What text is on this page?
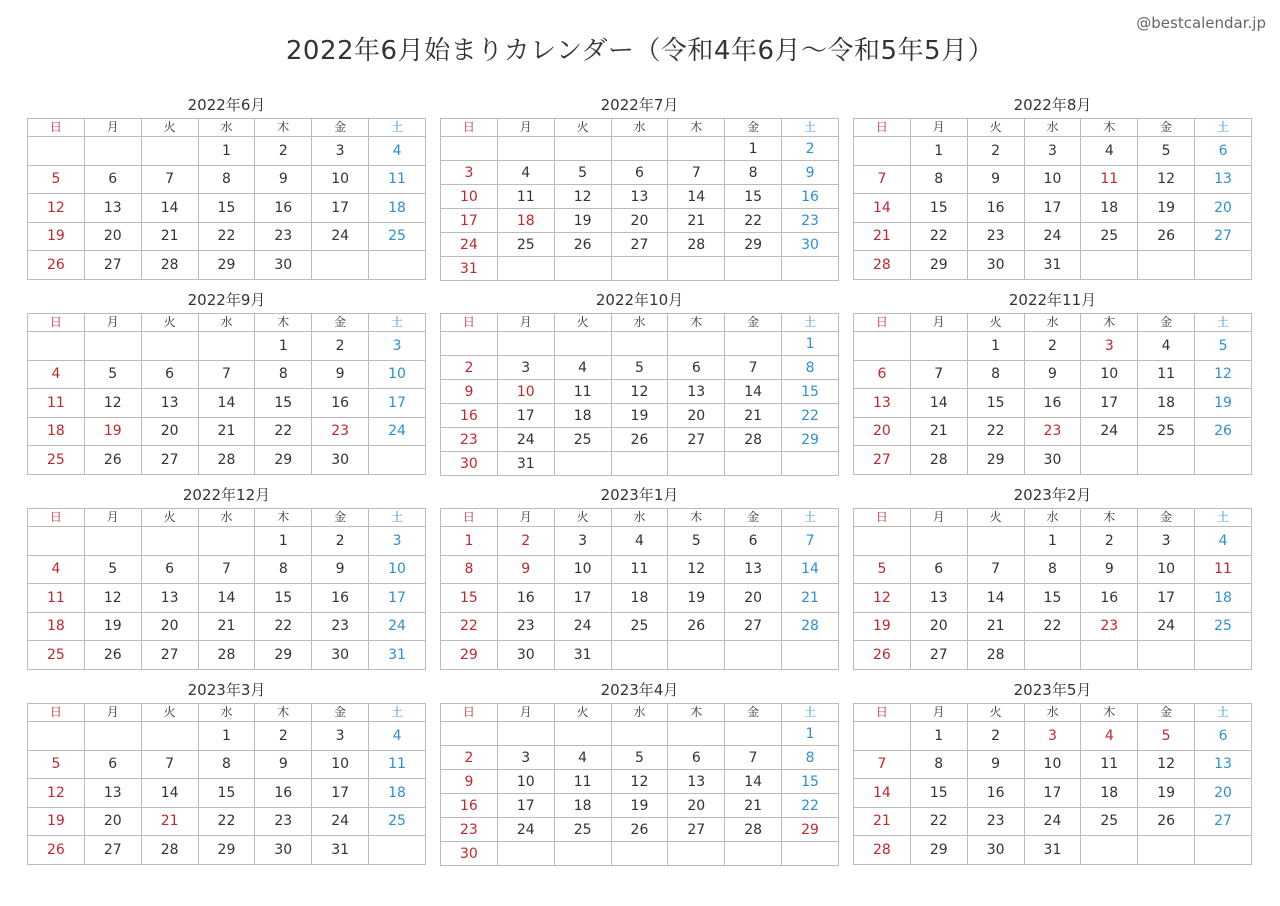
2022年6月始まりカレンダー（令和4年6月〜令和5年5月）
@bestcalendar.jp
2022年6月
日	月	火	水	木	金	土
			1	2	3	4
5	6	7	8	9	10	11
12	13	14	15	16	17	18
19	20	21	22	23	24	25
26	27	28	29	30		
2022年7月
日	月	火	水	木	金	土
					1	2
3	4	5	6	7	8	9
10	11	12	13	14	15	16
17	18	19	20	21	22	23
24	25	26	27	28	29	30
31						
2022年8月
日	月	火	水	木	金	土
	1	2	3	4	5	6
7	8	9	10	11	12	13
14	15	16	17	18	19	20
21	22	23	24	25	26	27
28	29	30	31			
2022年9月
日	月	火	水	木	金	土
				1	2	3
4	5	6	7	8	9	10
11	12	13	14	15	16	17
18	19	20	21	22	23	24
25	26	27	28	29	30	
2022年10月
日	月	火	水	木	金	土
						1
2	3	4	5	6	7	8
9	10	11	12	13	14	15
16	17	18	19	20	21	22
23	24	25	26	27	28	29
30	31					
2022年11月
日	月	火	水	木	金	土
		1	2	3	4	5
6	7	8	9	10	11	12
13	14	15	16	17	18	19
20	21	22	23	24	25	26
27	28	29	30			
2022年12月
日	月	火	水	木	金	土
				1	2	3
4	5	6	7	8	9	10
11	12	13	14	15	16	17
18	19	20	21	22	23	24
25	26	27	28	29	30	31
2023年1月
日	月	火	水	木	金	土
1	2	3	4	5	6	7
8	9	10	11	12	13	14
15	16	17	18	19	20	21
22	23	24	25	26	27	28
29	30	31				
2023年2月
日	月	火	水	木	金	土
			1	2	3	4
5	6	7	8	9	10	11
12	13	14	15	16	17	18
19	20	21	22	23	24	25
26	27	28				
2023年3月
日	月	火	水	木	金	土
			1	2	3	4
5	6	7	8	9	10	11
12	13	14	15	16	17	18
19	20	21	22	23	24	25
26	27	28	29	30	31	
2023年4月
日	月	火	水	木	金	土
						1
2	3	4	5	6	7	8
9	10	11	12	13	14	15
16	17	18	19	20	21	22
23	24	25	26	27	28	29
30						
2023年5月
日	月	火	水	木	金	土
	1	2	3	4	5	6
7	8	9	10	11	12	13
14	15	16	17	18	19	20
21	22	23	24	25	26	27
28	29	30	31			
